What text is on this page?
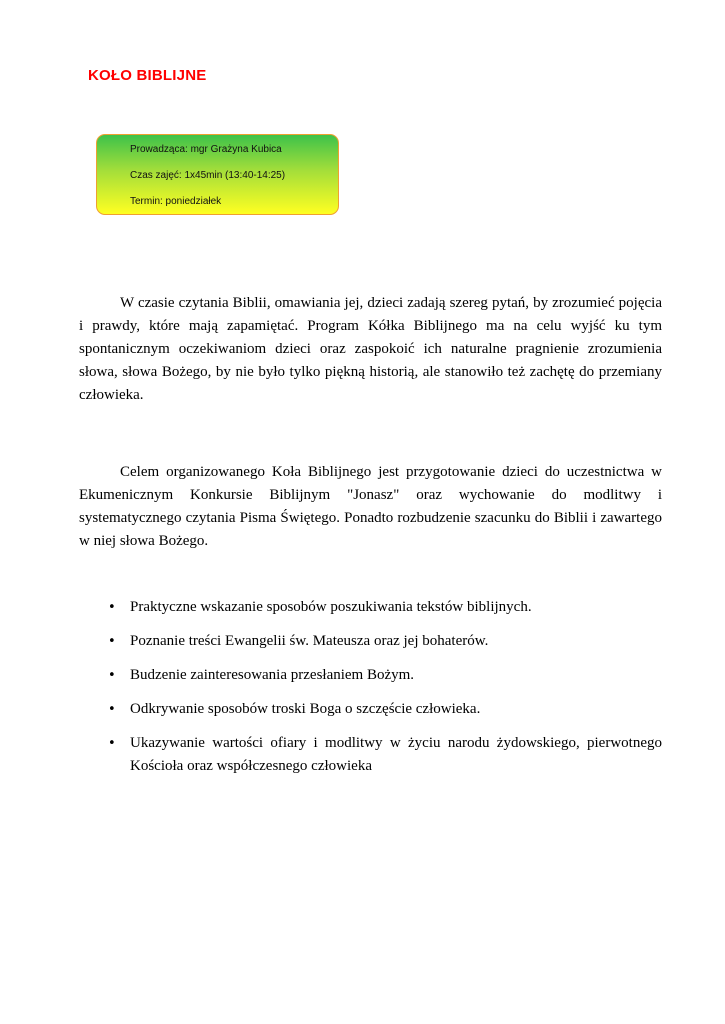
KOŁO BIBLIJNE
Prowadząca: mgr Grażyna Kubica
Czas zajęć: 1x45min (13:40-14:25)
Termin: poniedziałek

W czasie czytania Biblii, omawiania jej, dzieci zadają szereg pytań, by zrozumieć pojęcia i prawdy, które mają zapamiętać. Program Kółka Biblijnego ma na celu wyjść ku tym spontanicznym oczekiwaniom dzieci oraz zaspokoić ich naturalne pragnienie zrozumienia słowa, słowa Bożego, by nie było tylko piękną historią, ale stanowiło też zachętę do przemiany człowieka.

Celem organizowanego Koła Biblijnego jest przygotowanie dzieci do uczestnictwa w Ekumenicznym Konkursie Biblijnym "Jonasz" oraz wychowanie do modlitwy i systematycznego czytania Pisma Świętego. Ponadto rozbudzenie szacunku do Biblii i zawartego w niej słowa Bożego.

• Praktyczne wskazanie sposobów poszukiwania tekstów biblijnych.
• Poznanie treści Ewangelii św. Mateusza oraz jej bohaterów.
• Budzenie zainteresowania przesłaniem Bożym.
• Odkrywanie sposobów troski Boga o szczęście człowieka.
• Ukazywanie wartości ofiary i modlitwy w życiu narodu żydowskiego, pierwotnego Kościoła oraz współczesnego człowieka
